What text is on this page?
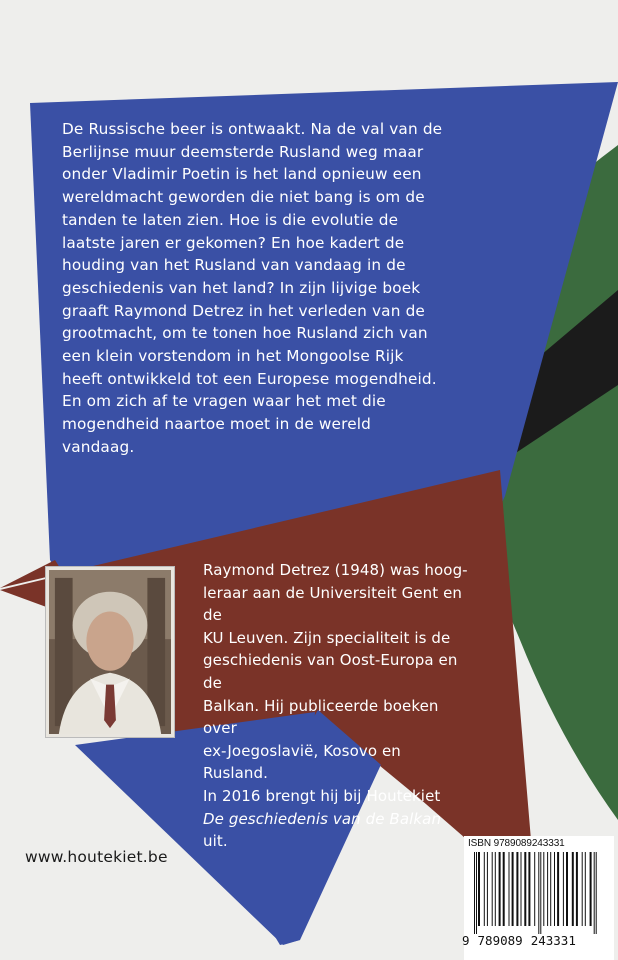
De Russische beer is ontwaakt. Na de val van de
Berlijnse muur deemsterde Rusland weg maar
onder Vladimir Poetin is het land opnieuw een
wereldmacht geworden die niet bang is om de
tanden te laten zien. Hoe is die evolutie de
laatste jaren er gekomen? En hoe kadert de
houding van het Rusland van vandaag in de
geschiedenis van het land? In zijn lijvige boek
graaft Raymond Detrez in het verleden van de
grootmacht, om te tonen hoe Rusland zich van
een klein vorstendom in het Mongoolse Rijk
heeft ontwikkeld tot een Europese mogendheid.
En om zich af te vragen waar het met die
mogendheid naartoe moet in de wereld
vandaag.

Raymond Detrez (1948) was hoog-

leraar aan de Universiteit Gent en de

KU Leuven. Zijn specialiteit is de

geschiedenis van Oost-Europa en de

Balkan. Hij publiceerde boeken over

ex-Joegoslavië, Kosovo en Rusland.

In 2016 brengt hij bij Houtekiet

De geschiedenis van de Balkan uit.

www.houtekiet.be
ISBN 9789089243331
9 789089 243331
